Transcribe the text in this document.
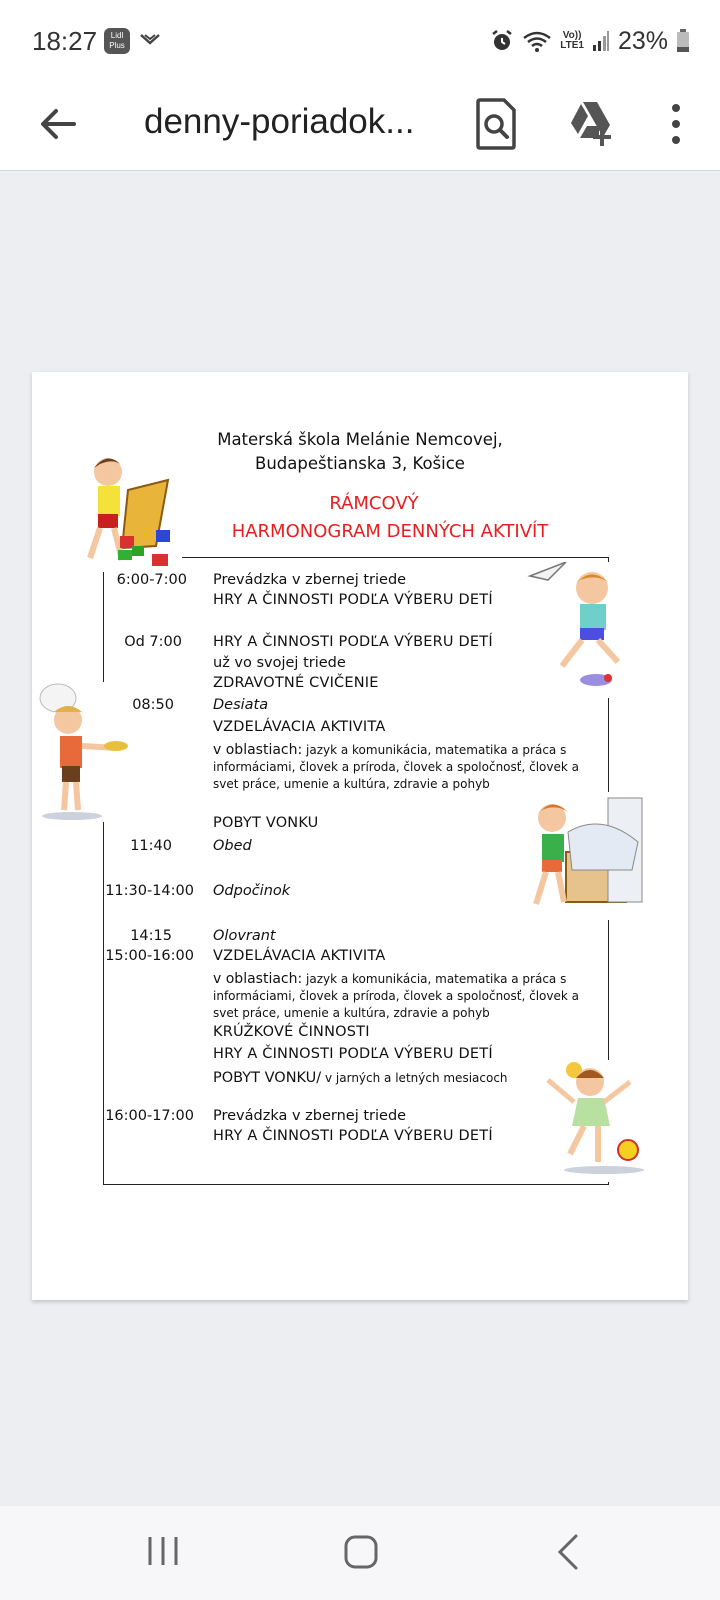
18:27	Lidl
Plus
Vo))
LTE1 23%
denny-poriadok...
Materská škola Melánie Nemcovej,
Budapeštianska 3, Košice
RÁMCOVÝ
HARMONOGRAM DENNÝCH AKTIVÍT
6:00-7:00 Prevádzka v zbernej triede
HRY A ČINNOSTI PODĽA VÝBERU DETÍ
Od 7:00 HRY A ČINNOSTI PODĽA VÝBERU DETÍ
už vo svojej triede
ZDRAVOTNÉ CVIČENIE
08:50	Desiata
VZDELÁVACIA AKTIVITA
v oblastiach: jazyk a komunikácia, matematika a práca s informáciami, človek a príroda, človek a spoločnosť, človek a svet práce, umenie a kultúra, zdravie a pohyb
POBYT VONKU
11:40	Obed
11:30-14:00 Odpočinok
14:15	Olovrant
15:00-16:00 VZDELÁVACIA AKTIVITA
v oblastiach: jazyk a komunikácia, matematika a práca s informáciami, človek a príroda, človek a spoločnosť, človek a svet práce, umenie a kultúra, zdravie a pohyb
KRÚŽKOVÉ ČINNOSTI
HRY A ČINNOSTI PODĽA VÝBERU DETÍ
POBYT VONKU/ v jarných a letných mesiacoch
16:00-17:00 Prevádzka v zbernej triede
HRY A ČINNOSTI PODĽA VÝBERU DETÍ
